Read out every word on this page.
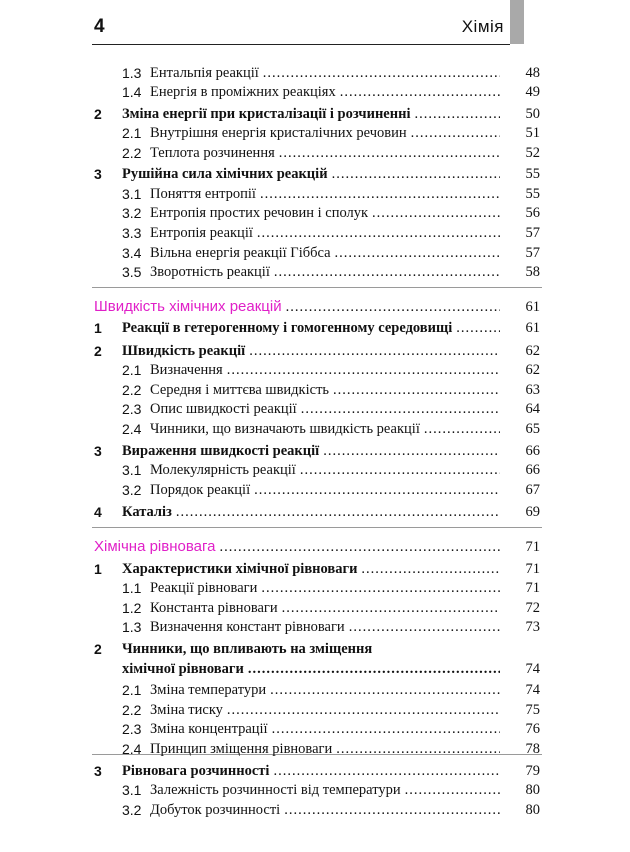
4	Хімія
1.3 Ентальпія реакції .....	48
1.4 Енергія в проміжних реакціях .....	49
2 Зміна енергії при кристалізації і розчиненні .....	50
2.1 Внутрішня енергія кристалічних речовин .....	51
2.2 Теплота розчинення .....	52
3 Рушійна сила хімічних реакцій .....	55
3.1 Поняття ентропії .....	55
3.2 Ентропія простих речовин і сполук .....	56
3.3 Ентропія реакції .....	57
3.4 Вільна енергія реакції Гіббса .....	57
3.5 Зворотність реакції .....	58
Швидкість хімічних реакцій .....	61
1 Реакції в гетерогенному і гомогенному середовищі .....	61
2 Швидкість реакції .....	62
2.1 Визначення .....	62
2.2 Середня і миттєва швидкість .....	63
2.3 Опис швидкості реакції .....	64
2.4 Чинники, що визначають швидкість реакції .....	65
3 Вираження швидкості реакції .....	66
3.1 Молекулярність реакції .....	66
3.2 Порядок реакції .....	67
4 Каталіз .....	69
Хімічна рівновага .....	71
1 Характеристики хімічної рівноваги .....	71
1.1 Реакції рівноваги .....	71
1.2 Константа рівноваги .....	72
1.3 Визначення констант рівноваги .....	73
2 Чинники, що впливають на зміщення
хімічної рівноваги .....	74
2.1 Зміна температури .....	74
2.2 Зміна тиску .....	75
2.3 Зміна концентрації .....	76
2.4 Принцип зміщення рівноваги .....	78
3 Рівновага розчинності .....	79
3.1 Залежність розчинності від температури .....	80
3.2 Добуток розчинності .....	80
